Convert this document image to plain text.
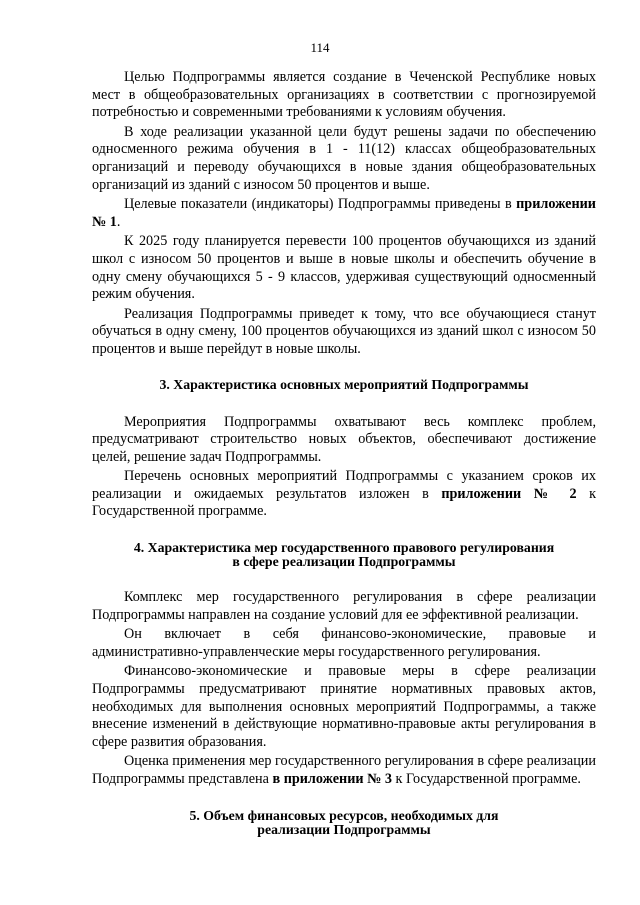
114

Целью Подпрограммы является создание в Чеченской Республике новых мест в общеобразовательных организациях в соответствии с прогнозируемой потребностью и современными требованиями к условиям обучения.

В ходе реализации указанной цели будут решены задачи по обеспечению односменного режима обучения в 1 - 11(12) классах общеобразовательных организаций и переводу обучающихся в новые здания общеобразовательных организаций из зданий с износом 50 процентов и выше.

Целевые показатели (индикаторы) Подпрограммы приведены в приложении № 1.

К 2025 году планируется перевести 100 процентов обучающихся из зданий школ с износом 50 процентов и выше в новые школы и обеспечить обучение в одну смену обучающихся 5 - 9 классов, удерживая существующий односменный режим обучения.

Реализация Подпрограммы приведет к тому, что все обучающиеся станут обучаться в одну смену, 100 процентов обучающихся из зданий школ с износом 50 процентов и выше перейдут в новые школы.

3. Характеристика основных мероприятий Подпрограммы

Мероприятия Подпрограммы охватывают весь комплекс проблем, предусматривают строительство новых объектов, обеспечивают достижение целей, решение задач Подпрограммы.

Перечень основных мероприятий Подпрограммы с указанием сроков их реализации и ожидаемых результатов изложен в приложении № 2 к Государственной программе.

4. Характеристика мер государственного правового регулирования
в сфере реализации Подпрограммы

Комплекс мер государственного регулирования в сфере реализации Подпрограммы направлен на создание условий для ее эффективной реализации.

Он включает в себя финансово-экономические, правовые и административно-управленческие меры государственного регулирования.

Финансово-экономические и правовые меры в сфере реализации Подпрограммы предусматривают принятие нормативных правовых актов, необходимых для выполнения основных мероприятий Подпрограммы, а также внесение изменений в действующие нормативно-правовые акты регулирования в сфере развития образования.

Оценка применения мер государственного регулирования в сфере реализации Подпрограммы представлена в приложении № 3 к Государственной программе.

5. Объем финансовых ресурсов, необходимых для
реализации Подпрограммы
